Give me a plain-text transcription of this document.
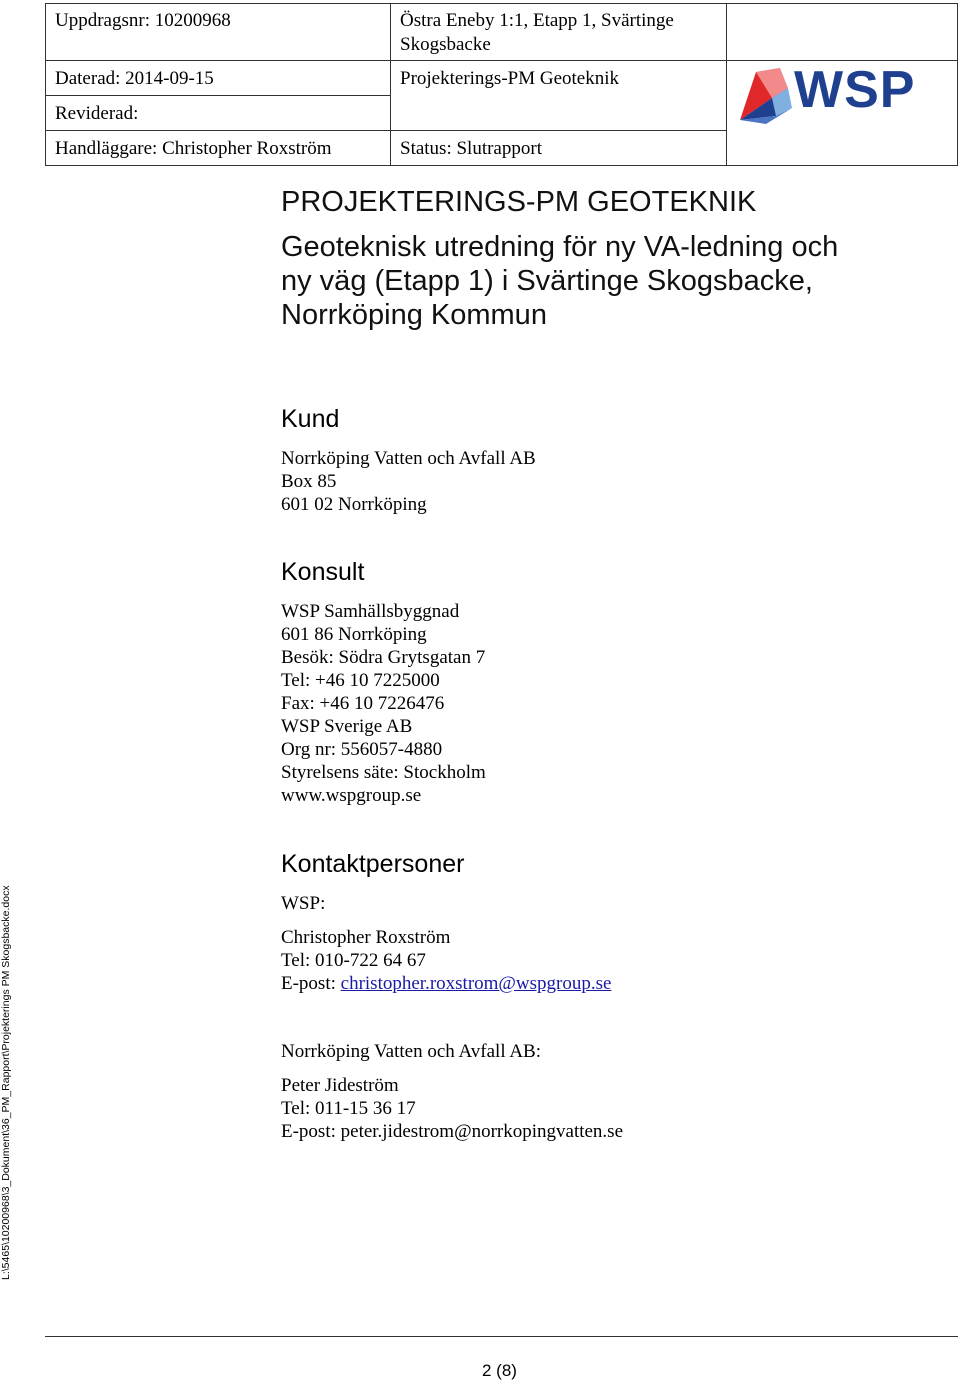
Uppdragsnr: 10200968
Daterad: 2014-09-15
Reviderad:
Handläggare: Christopher Roxström
Östra Eneby 1:1, Etapp 1, Svärtinge
Skogsbacke
Projekterings-PM Geoteknik
Status: Slutrapport
WSP
PROJEKTERINGS-PM GEOTEKNIK
Geoteknisk utredning för ny VA-ledning och
ny väg (Etapp 1) i Svärtinge Skogsbacke,
Norrköping Kommun
Kund
Norrköping Vatten och Avfall AB
Box 85
601 02 Norrköping
Konsult
WSP Samhällsbyggnad
601 86 Norrköping
Besök: Södra Grytsgatan 7
Tel: +46 10 7225000
Fax: +46 10 7226476
WSP Sverige AB
Org nr: 556057-4880
Styrelsens säte: Stockholm
www.wspgroup.se
Kontaktpersoner
WSP:
Christopher Roxström
Tel: 010-722 64 67
E-post: christopher.roxstrom@wspgroup.se
Norrköping Vatten och Avfall AB:
Peter Jideström
Tel: 011-15 36 17
E-post: peter.jidestrom@norrkopingvatten.se
L:\5465\10200968\3_Dokument\36_PM_Rapport\Projekterings PM Skogsbacke.docx
2 (8)
